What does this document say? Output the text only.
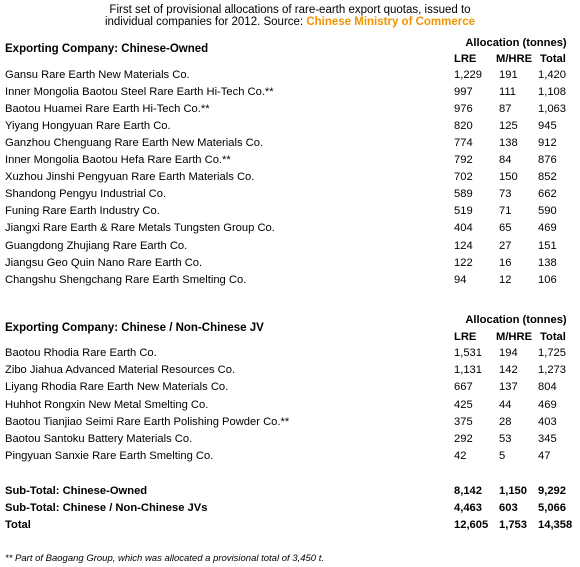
First set of provisional allocations of rare-earth export quotas, issued to
individual companies for 2012. Source: Chinese Ministry of Commerce
Exporting Company: Chinese-Owned	Allocation (tonnes)
LRE M/HRE Total
Gansu Rare Earth New Materials Co.	1,229 191 1,420
Inner Mongolia Baotou Steel Rare Earth Hi-Tech Co.**	997 111 1,108
Baotou Huamei Rare Earth Hi-Tech Co.**	976 87 1,063
Yiyang Hongyuan Rare Earth Co.	820 125 945
Ganzhou Chenguang Rare Earth New Materials Co.	774 138 912
Inner Mongolia Baotou Hefa Rare Earth Co.**	792 84 876
Xuzhou Jinshi Pengyuan Rare Earth Materials Co.	702 150 852
Shandong Pengyu Industrial Co.	589 73 662
Funing Rare Earth Industry Co.	519 71 590
Jiangxi Rare Earth & Rare Metals Tungsten Group Co.	404 65 469
Guangdong Zhujiang Rare Earth Co.	124 27 151
Jiangsu Geo Quin Nano Rare Earth Co.	122 16 138
Changshu Shengchang Rare Earth Smelting Co.	94	12 106
Exporting Company: Chinese / Non-Chinese JV
Allocation (tonnes)
LRE M/HRE Total
Baotou Rhodia Rare Earth Co.	1,531 194 1,725
Zibo Jiahua Advanced Material Resources Co.	1,131 142 1,273
Liyang Rhodia Rare Earth New Materials Co.	667 137 804
Huhhot Rongxin New Metal Smelting Co.	425 44 469
Baotou Tianjiao Seimi Rare Earth Polishing Powder Co.**	375 28 403
Baotou Santoku Battery Materials Co.	292 53 345
Pingyuan Sanxie Rare Earth Smelting Co.	42	5	47
Sub-Total: Chinese-Owned	8,142 1,150 9,292
Sub-Total: Chinese / Non-Chinese JVs	4,463 603 5,066
Total	12,605 1,753 14,358
** Part of Baogang Group, which was allocated a provisional total of 3,450 t.
